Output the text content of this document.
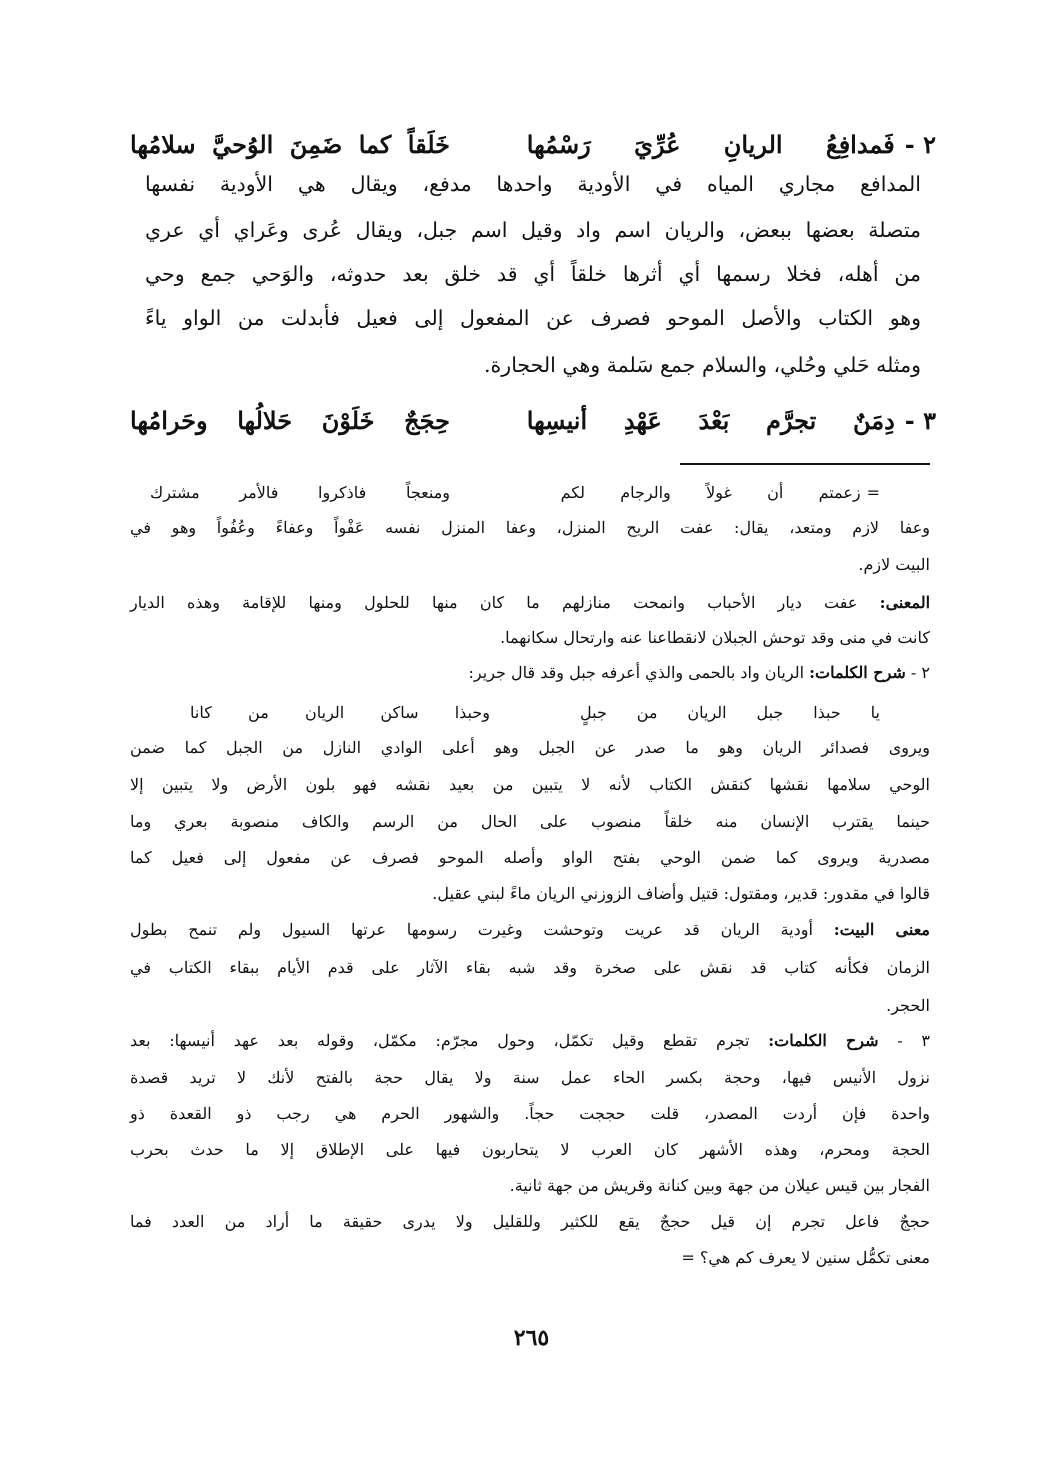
٢ -
فَمدافِعُ الريانِ عُرِّيَ رَسْمُها
خَلَقاً كما ضَمِنَ الوُحيَّ سلامُها

المدافع مجاري المياه في الأودية واحدها مدفع، ويقال هي الأودية نفسها

متصلة بعضها ببعض، والريان اسم واد وقيل اسم جبل، ويقال عُرى وعَراي أي عري

من أهله، فخلا رسمها أي أثرها خلقاً أي قد خلق بعد حدوثه، والوَحي جمع وحي

وهو الكتاب والأصل الموحو فصرف عن المفعول إلى فعيل فأبدلت من الواو ياءً

ومثله حَلي وحُلي، والسلام جمع سَلمة وهي الحجارة.

٣ -
دِمَنٌ تجرَّم بَعْدَ عَهْدِ أنيسِها
حِجَجٌ خَلَوْنَ حَلالُها وحَرامُها
=
زعمتم أن غولاً والرجام لكم
ومنعجاً فاذكروا فالأمر مشترك

وعفا لازم ومتعد، يقال: عفت الريح المنزل، وعفا المنزل نفسه عَفْواً وعفاءً وعُفُواً وهو في

البيت لازم.

المعنى: عفت ديار الأحباب وانمحت منازلهم ما كان منها للحلول ومنها للإقامة وهذه الديار

كانت في منى وقد توحش الجبلان لانقطاعنا عنه وارتحال سكانهما.

٢ - شرح الكلمات: الريان واد بالحمى والذي أعرفه جبل وقد قال جرير:

يا حبذا جبل الريان من جبلٍ
وحبذا ساكن الريان من كانا

ويروى فصدائر الريان وهو ما صدر عن الجبل وهو أعلى الوادي النازل من الجبل كما ضمن

الوحي سلامها نقشها كنقش الكتاب لأنه لا يتبين من بعيد نقشه فهو بلون الأرض ولا يتبين إلا

حينما يقترب الإنسان منه خلقاً منصوب على الحال من الرسم والكاف منصوبة بعري وما

مصدرية ويروى كما ضمن الوحي بفتح الواو وأصله الموحو فصرف عن مفعول إلى فعيل كما

قالوا في مقدور: قدير، ومقتول: قتيل وأضاف الزوزني الريان ماءً لبني عقيل.

معنى البيت: أودية الريان قد عريت وتوحشت وغيرت رسومها عرتها السيول ولم تنمح بطول

الزمان فكأنه كتاب قد نقش على صخرة وقد شبه بقاء الآثار على قدم الأيام ببقاء الكتاب في

الحجر.

٣ - شرح الكلمات: تجرم تقطع وقيل تكمّل، وحول مجرّم: مكمّل، وقوله بعد عهد أنيسها: بعد

نزول الأنيس فيها، وحجة بكسر الحاء عمل سنة ولا يقال حجة بالفتح لأنك لا تريد قصدة

واحدة فإن أردت المصدر، قلت حججت حجاً. والشهور الحرم هي رجب ذو القعدة ذو

الحجة ومحرم، وهذه الأشهر كان العرب لا يتحاربون فيها على الإطلاق إلا ما حدث بحرب

الفجار بين قيس عيلان من جهة وبين كنانة وقريش من جهة ثانية.

حججٌ فاعل تجرم إن قيل حججٌ يقع للكثير وللقليل ولا يدرى حقيقة ما أراد من العدد فما

معنى تكمُّل سنين لا يعرف كم هي؟ =

٢٦٥
